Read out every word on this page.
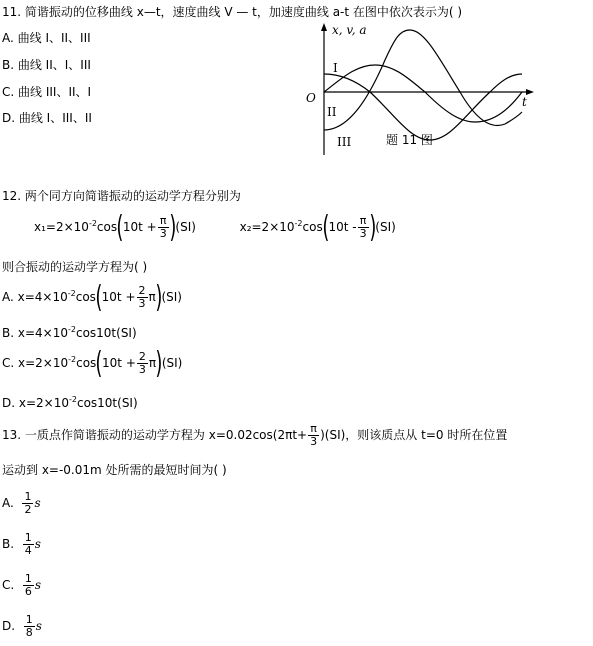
11. 简谐振动的位移曲线 x—t，速度曲线 V — t，加速度曲线 a-t 在图中依次表示为( )
A. 曲线 I、II、III
B. 曲线 II、I、III
C. 曲线 III、II、I
D. 曲线 I、III、II
x, v, a
t
O
I
II
III	题 11 图
12. 两个同方向简谐振动的运动学方程分别为
$x_1=2\times 10^{-2}\cos(10t + \frac{\pi}{3} )(SI)$	$x_2=2\times 10^{-2}\cos(10t - \frac{\pi}{3} )(SI)$
则合振动的运动学方程为( )
A. $x=4\times 10^{-2}\cos(10t + \frac{2}{3} \pi)(SI)$
B. $x=4\times 10^{-2}\cos 10t(SI)$
C. $x=2\times 10^{-2}\cos(10t + \frac{2}{3} \pi)(SI)$
D. $x=2\times 10^{-2}\cos 10t(SI)$
13. 一质点作简谐振动的运动学方程为 $x=0.02\cos(2\pi t+ \frac{\pi}{3} )(SI)$，则该质点从 t=0 时所在位置
运动到 x=-0.01m 处所需的最短时间为( )
A. $\frac{1}{2}$ s
B. $\frac{1}{4}$ s
C. $\frac{1}{6}$ s
D. $\frac{1}{8}$ s
